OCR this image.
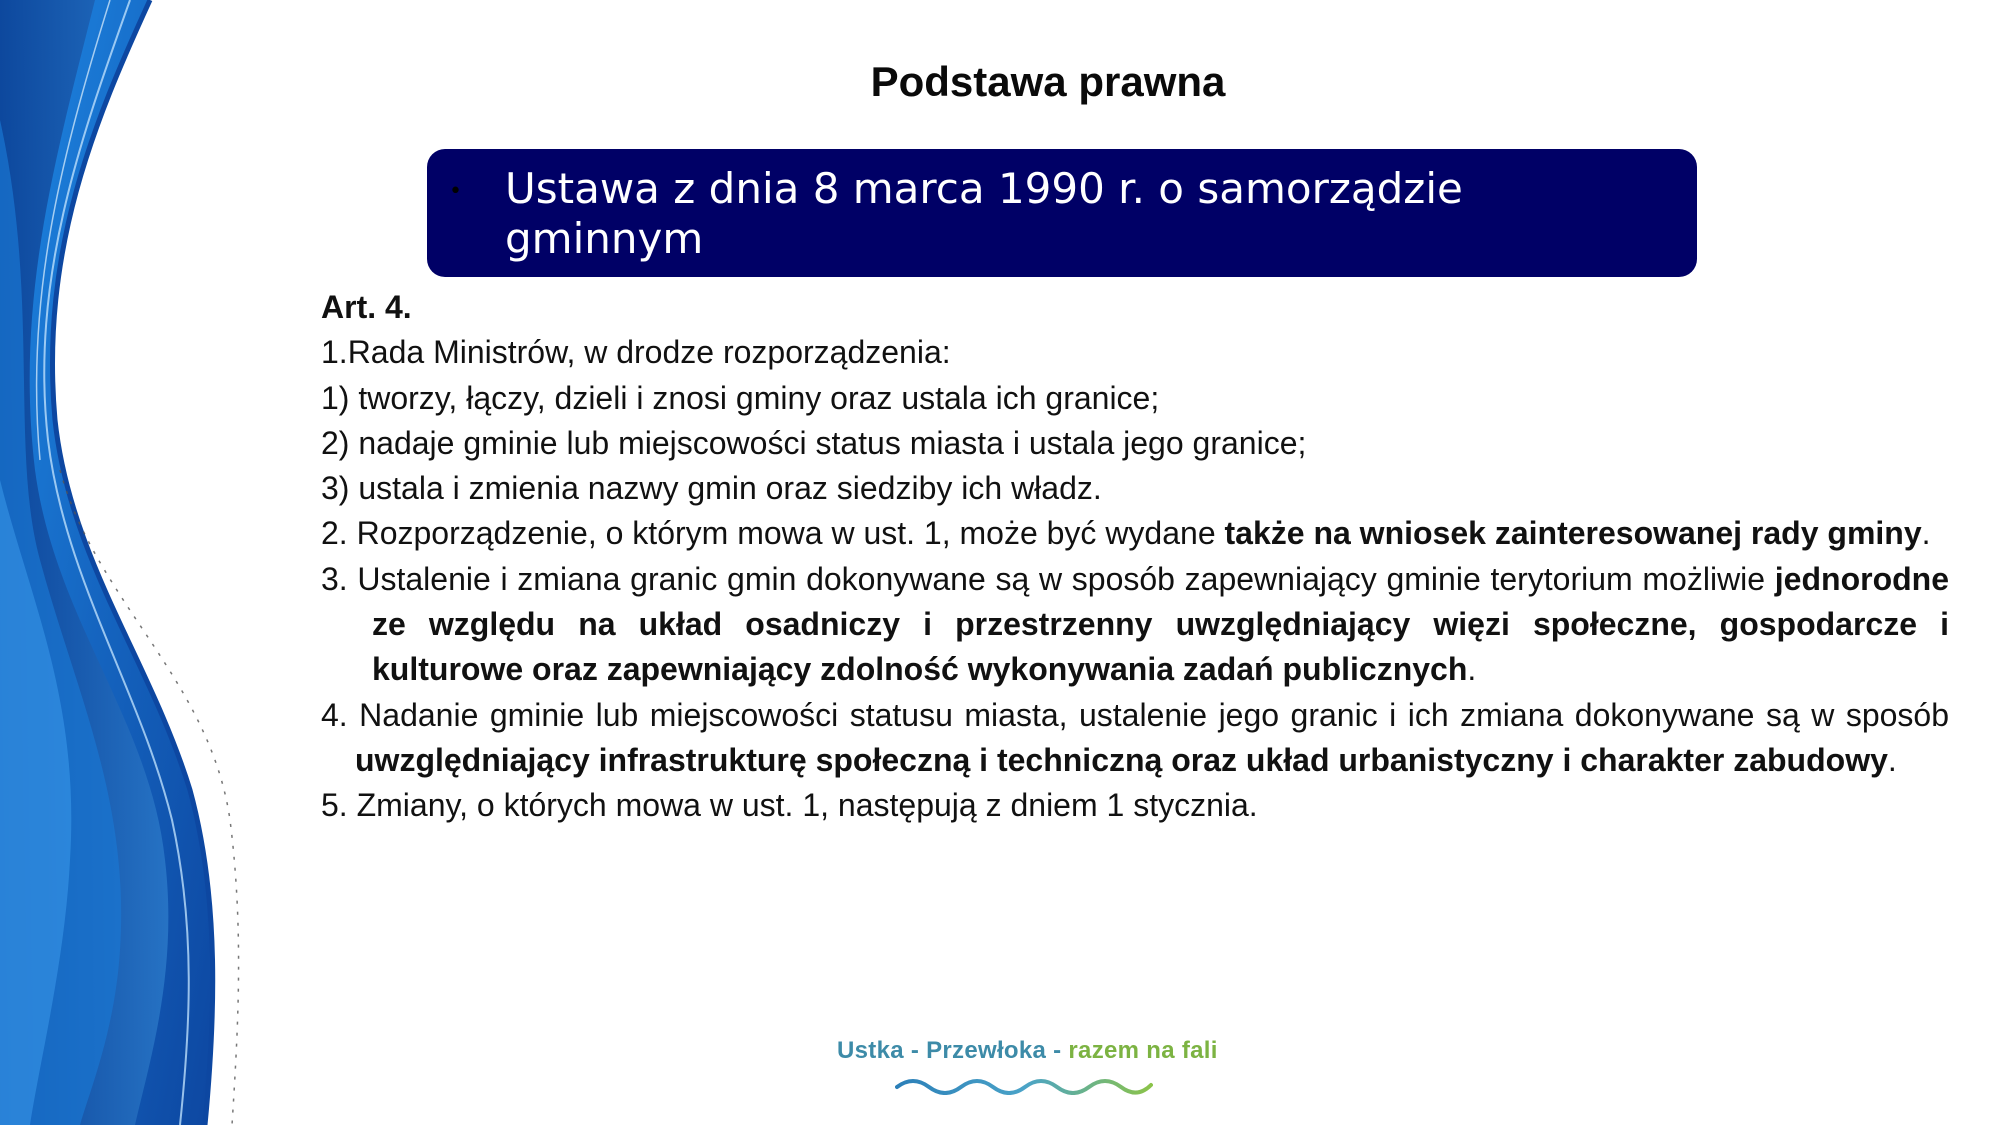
Podstawa prawna
• Ustawa z dnia 8 marca 1990 r. o samorządzie gminnym

Art. 4.

1.Rada Ministrów, w drodze rozporządzenia:

1) tworzy, łączy, dzieli i znosi gminy oraz ustala ich granice;

2) nadaje gminie lub miejscowości status miasta i ustala jego granice;

3) ustala i zmienia nazwy gmin oraz siedziby ich władz.

2. Rozporządzenie, o którym mowa w ust. 1, może być wydane także na wniosek zainteresowanej rady gminy.

3. Ustalenie i zmiana granic gmin dokonywane są w sposób zapewniający gminie terytorium możliwie jednorodne ze względu na układ osadniczy i przestrzenny uwzględniający więzi społeczne, gospodarcze i kulturowe oraz zapewniający zdolność wykonywania zadań publicznych.

4. Nadanie gminie lub miejscowości statusu miasta, ustalenie jego granic i ich zmiana dokonywane są w sposób uwzględniający infrastrukturę społeczną i techniczną oraz układ urbanistyczny i charakter zabudowy.

5. Zmiany, o których mowa w ust. 1, następują z dniem 1 stycznia.

Ustka - Przewłoka - razem na fali
